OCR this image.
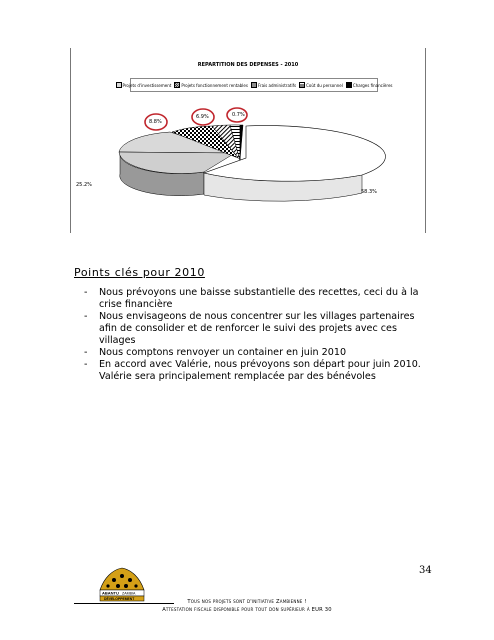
REPARTITION DES DEPENSES - 2010
Projets d'investissement	Projets fonctionnement rentables	Frais administratifs	Coût du personnel	Charges financières
8.8%
6.9%	0.7%
25.2%
58.3%
Points clés pour 2010
- Nous prévoyons une baisse substantielle des recettes, ceci du à la crise financière
- Nous envisageons de nous concentrer sur les villages partenaires afin de consolider et de renforcer le suivi des projets avec ces villages
- Nous comptons renvoyer un container en juin 2010
- En accord avec Valérie, nous prévoyons son départ pour juin 2010. Valérie sera principalement remplacée par des bénévoles
34
ABANTU ZAMBIA
DÉVELOPPEMENT	Tous nos projets sont d'initiative Zambienne !
Attestation fiscale disponible pour tout don supérieur à EUR 30
